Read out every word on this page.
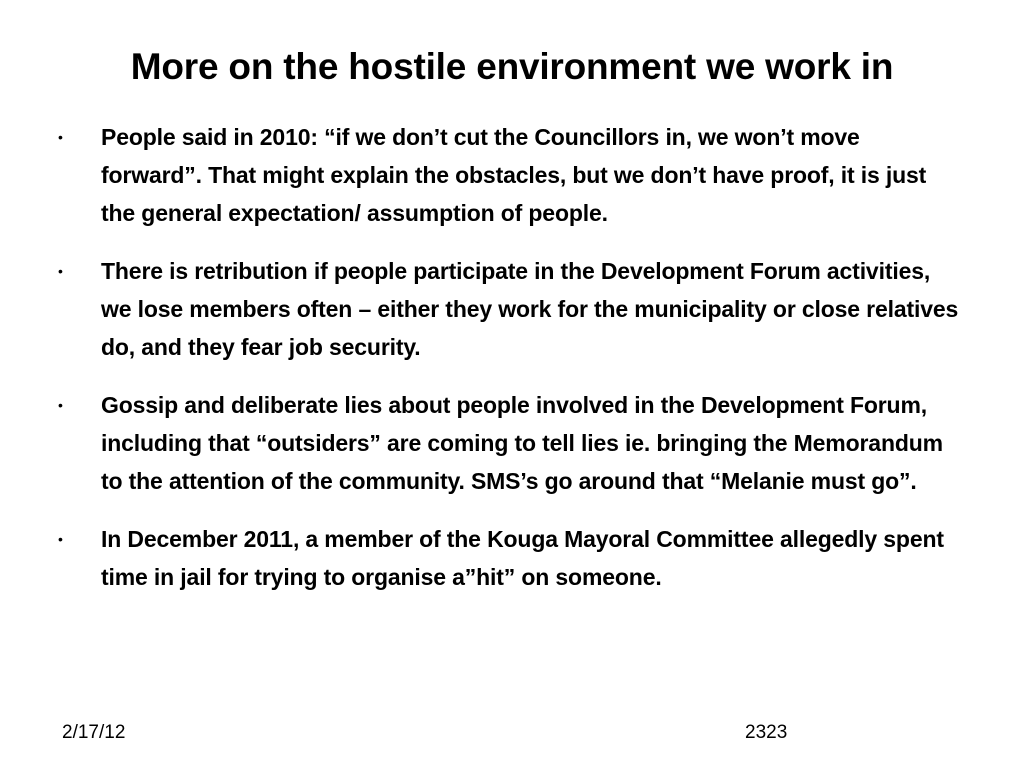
More on the hostile environment we work in
• People said in 2010: “if we don’t cut the Councillors in, we won’t move forward”. That might explain the obstacles, but we don’t have proof, it is just the general expectation/ assumption of people.
• There is retribution if people participate in the Development Forum activities, we lose members often – either they work for the municipality or close relatives do, and they fear job security.
• Gossip and deliberate lies about people involved in the Development Forum, including that “outsiders” are coming to tell lies ie. bringing the Memorandum to the attention of the community. SMS’s go around that “Melanie must go”.
• In December 2011, a member of the Kouga Mayoral Committee allegedly spent time in jail for trying to organise a”hit” on someone.
2/17/12	2323
